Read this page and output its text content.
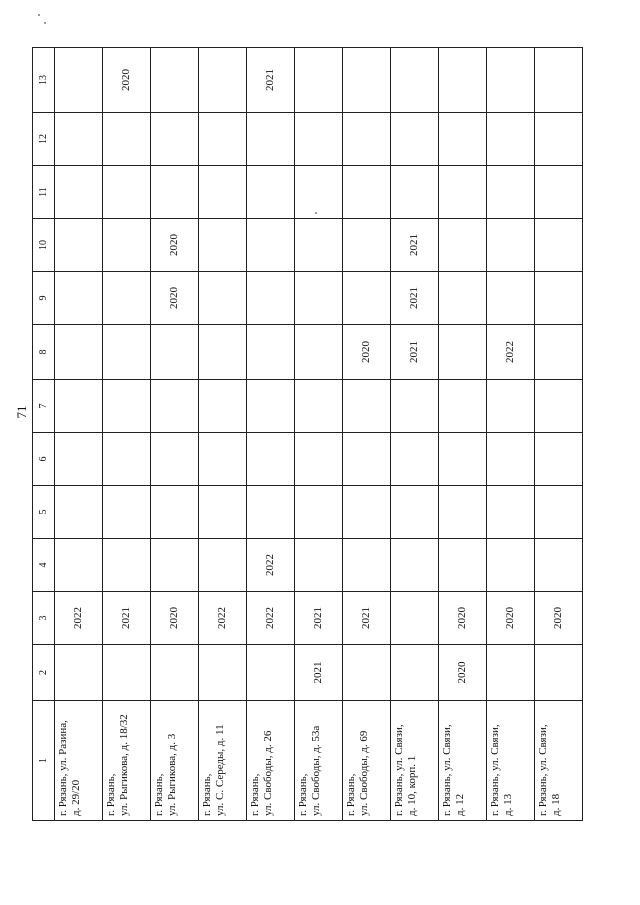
71
1	2	3	4	5	6	7	8	9	10	11	12	13
г. Рязань, ул. Разина,
д. 29/20		2022										
г. Рязань,
ул. Рыгикова, д. 18/32		2021										2020
г. Рязань,
ул. Рыгикова, д. 3		2020						2020	2020			
г. Рязань,
ул. С. Середы, д. 11		2022										
г. Рязань,
ул. Свободы, д. 26		2022	2022									2021
г. Рязань,
ул. Свободы, д. 53а	2021	2021										
г. Рязань,
ул. Свободы, д. 69		2021					2020					
г. Рязань, ул. Связи,
д. 10, корп. 1							2021	2021	2021			
г. Рязань, ул. Связи,
д. 12	2020	2020										
г. Рязань, ул. Связи,
д. 13		2020					2022					
г. Рязань, ул. Связи,
д. 18		2020										
